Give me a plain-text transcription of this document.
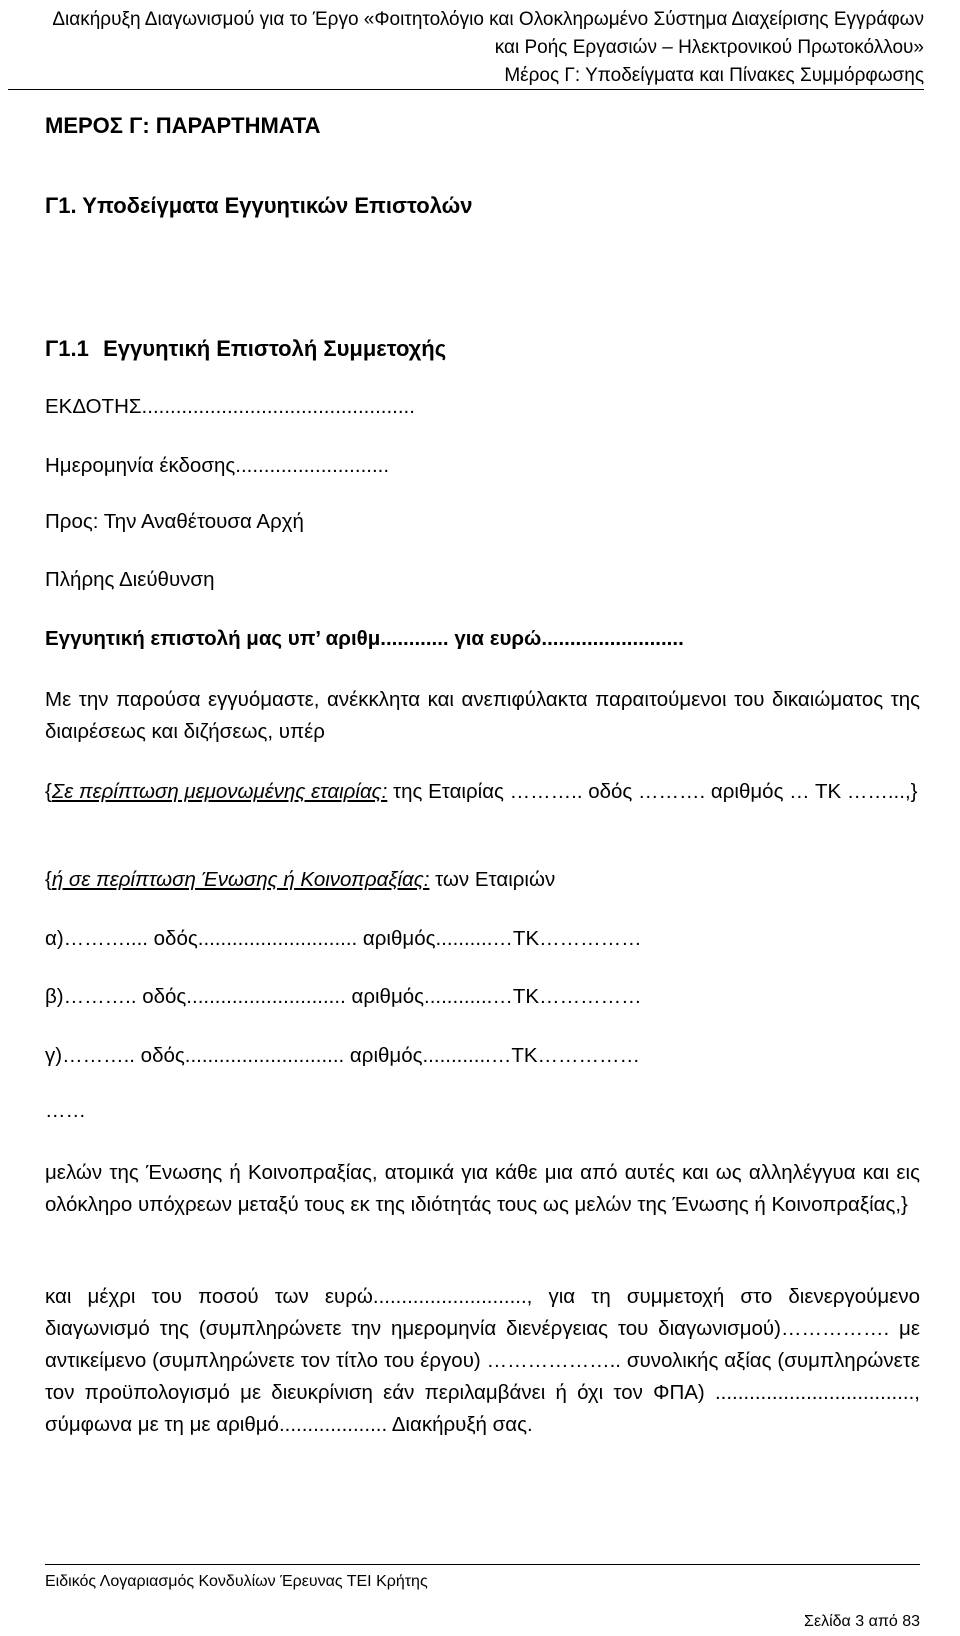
Διακήρυξη Διαγωνισμού για το Έργο «Φοιτητολόγιο και Ολοκληρωμένο Σύστημα Διαχείρισης Εγγράφων
και Ροής Εργασιών – Ηλεκτρονικού Πρωτοκόλλου»
Μέρος Γ: Υποδείγματα και Πίνακες Συμμόρφωσης
ΜΕΡΟΣ Γ: ΠΑΡΑΡΤΗΜΑΤΑ
Γ1. Υποδείγματα Εγγυητικών Επιστολών
Γ1.1 Εγγυητική Επιστολή Συμμετοχής
ΕΚΔΟΤΗΣ................................................
Ημερομηνία έκδοσης...........................
Προς: Την Αναθέτουσα Αρχή
Πλήρης Διεύθυνση
Εγγυητική επιστολή μας υπ’ αριθμ............ για ευρώ.........................
Με την παρούσα εγγυόμαστε, ανέκκλητα και ανεπιφύλακτα παραιτούμενοι του δικαιώματος της διαιρέσεως και διζήσεως, υπέρ
{Σε περίπτωση μεμονωμένης εταιρίας: της Εταιρίας ……….. οδός ………. αριθμός … ΤΚ ……...,}
{ή σε περίπτωση Ένωσης ή Κοινοπραξίας: των Εταιριών
α)……….... οδός............................ αριθμός..........…ΤΚ……………
β)……….. οδός............................ αριθμός............…ΤΚ……………
γ)……….. οδός............................ αριθμός............…ΤΚ……………
……
μελών της Ένωσης ή Κοινοπραξίας, ατομικά για κάθε μια από αυτές και ως αλληλέγγυα και εις ολόκληρο υπόχρεων μεταξύ τους εκ της ιδιότητάς τους ως μελών της Ένωσης ή Κοινοπραξίας,}
και μέχρι του ποσού των ευρώ..........................., για τη συμμετοχή στο διενεργούμενο διαγωνισμό της (συμπληρώνετε την ημερομηνία διενέργειας του διαγωνισμού)……………. με αντικείμενο (συμπληρώνετε τον τίτλο του έργου) ……………….. συνολικής αξίας (συμπληρώνετε τον προϋπολογισμό με διευκρίνιση εάν περιλαμβάνει ή όχι τον ΦΠΑ) ..................................., σύμφωνα με τη με αριθμό................... Διακήρυξή σας.
Ειδικός Λογαριασμός Κονδυλίων Έρευνας ΤΕΙ Κρήτης
Σελίδα 3 από 83
